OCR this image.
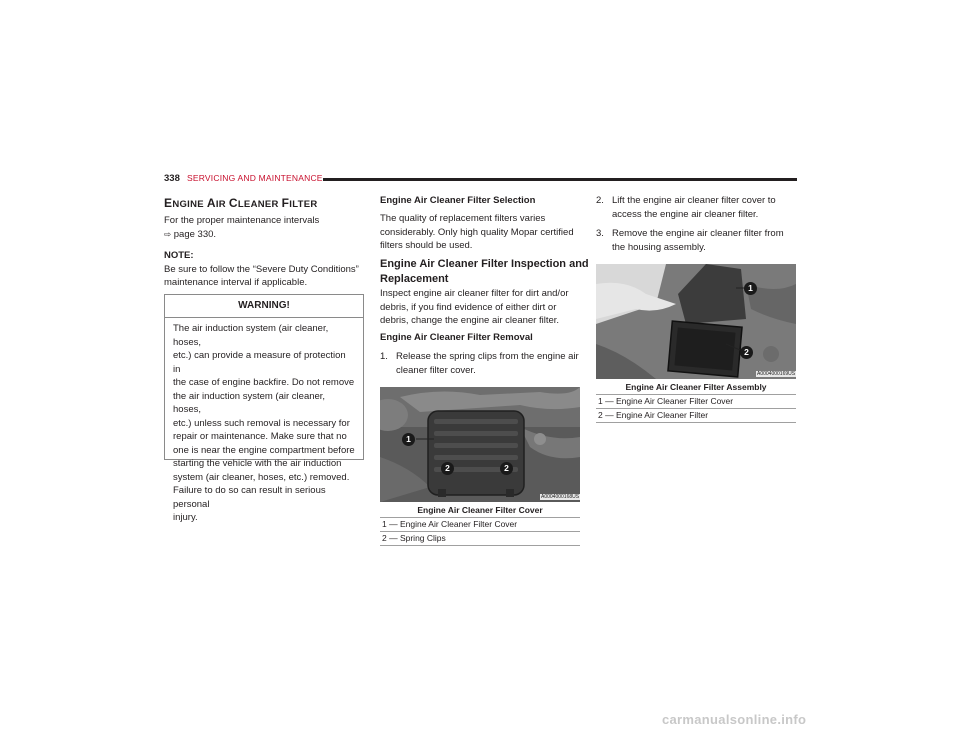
338 SERVICING AND MAINTENANCE
ENGINE AIR CLEANER FILTER
For the proper maintenance intervals
⇨ page 330.
NOTE:
Be sure to follow the “Severe Duty Conditions”
maintenance interval if applicable.
WARNING!
The air induction system (air cleaner, hoses,
etc.) can provide a measure of protection in
the case of engine backfire. Do not remove
the air induction system (air cleaner, hoses,
etc.) unless such removal is necessary for
repair or maintenance. Make sure that no
one is near the engine compartment before
starting the vehicle with the air induction
system (air cleaner, hoses, etc.) removed.
Failure to do so can result in serious personal
injury.
Engine Air Cleaner Filter Selection
The quality of replacement filters varies
considerably. Only high quality Mopar certified
filters should be used.
Engine Air Cleaner Filter Inspection and
Replacement
Inspect engine air cleaner filter for dirt and/or
debris, if you find evidence of either dirt or
debris, change the engine air cleaner filter.
Engine Air Cleaner Filter Removal
1. Release the spring clips from the engine air
cleaner filter cover.
1
2	2
A0004000168US
Engine Air Cleaner Filter Cover
1 — Engine Air Cleaner Filter Cover
2 — Spring Clips
2. Lift the engine air cleaner filter cover to
access the engine air cleaner filter.
3. Remove the engine air cleaner filter from
the housing assembly.
1
2
A0004000169US
Engine Air Cleaner Filter Assembly
1 — Engine Air Cleaner Filter Cover
2 — Engine Air Cleaner Filter
carmanualsonline.info
